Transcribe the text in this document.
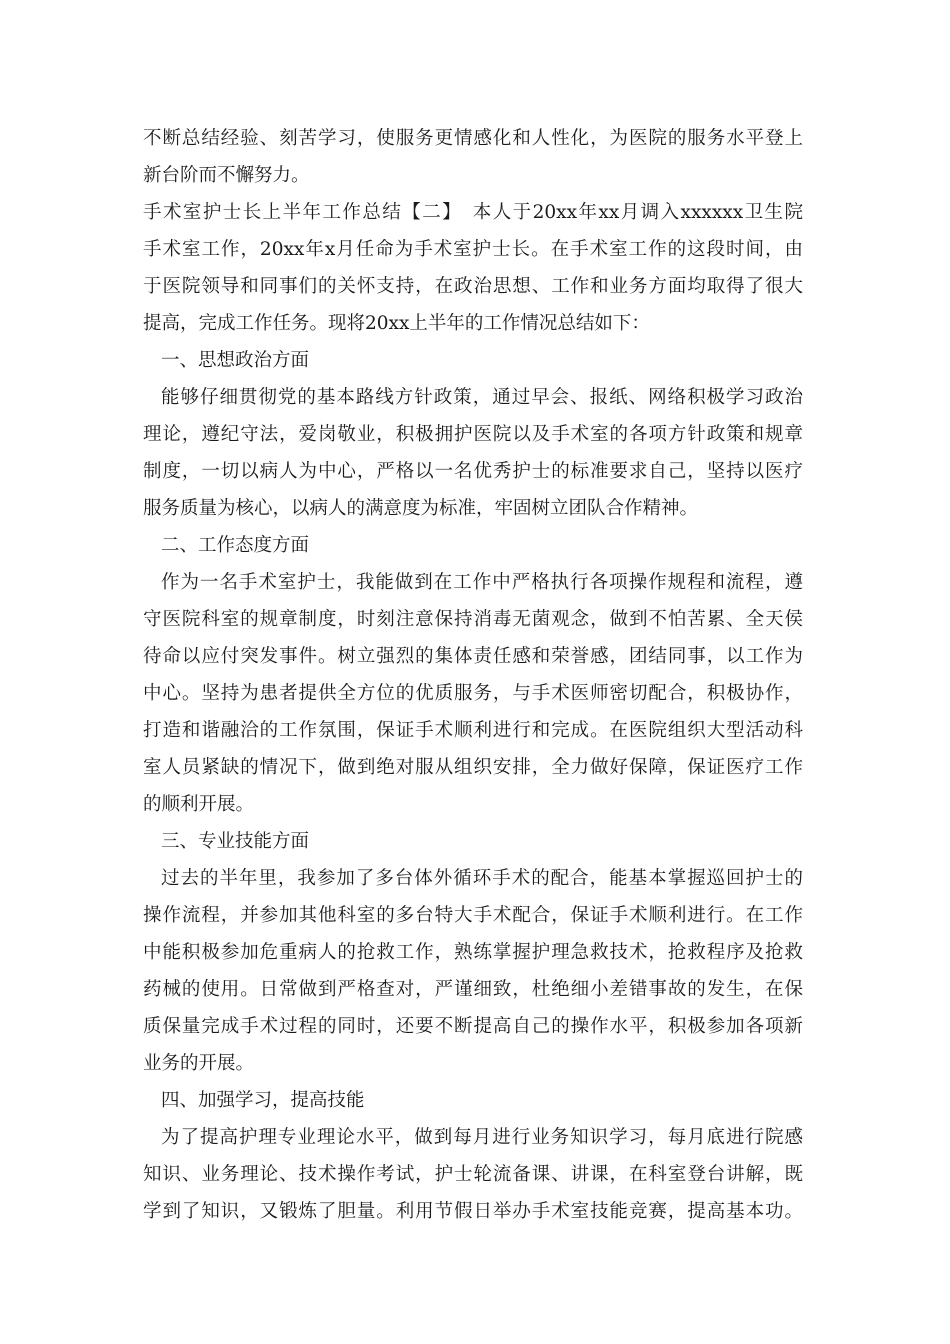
不断总结经验、刻苦学习，使服务更情感化和人性化，为医院的服务水平登上
新台阶而不懈努力。
手术室护士长上半年工作总结【二】　本人于20xx年xx月调入xxxxxx卫生院
手术室工作，20xx年x月任命为手术室护士长。在手术室工作的这段时间，由
于医院领导和同事们的关怀支持，在政治思想、工作和业务方面均取得了很大
提高，完成工作任务。现将20xx上半年的工作情况总结如下：
一、思想政治方面
能够仔细贯彻党的基本路线方针政策，通过早会、报纸、网络积极学习政治
理论，遵纪守法，爱岗敬业，积极拥护医院以及手术室的各项方针政策和规章
制度，一切以病人为中心，严格以一名优秀护士的标准要求自己，坚持以医疗
服务质量为核心，以病人的满意度为标准，牢固树立团队合作精神。
二、工作态度方面
作为一名手术室护士，我能做到在工作中严格执行各项操作规程和流程，遵
守医院科室的规章制度，时刻注意保持消毒无菌观念，做到不怕苦累、全天侯
待命以应付突发事件。树立强烈的集体责任感和荣誉感，团结同事，以工作为
中心。坚持为患者提供全方位的优质服务，与手术医师密切配合，积极协作，
打造和谐融洽的工作氛围，保证手术顺利进行和完成。在医院组织大型活动科
室人员紧缺的情况下，做到绝对服从组织安排，全力做好保障，保证医疗工作
的顺利开展。
三、专业技能方面
过去的半年里，我参加了多台体外循环手术的配合，能基本掌握巡回护士的
操作流程，并参加其他科室的多台特大手术配合，保证手术顺利进行。在工作
中能积极参加危重病人的抢救工作，熟练掌握护理急救技术，抢救程序及抢救
药械的使用。日常做到严格查对，严谨细致，杜绝细小差错事故的发生，在保
质保量完成手术过程的同时，还要不断提高自己的操作水平，积极参加各项新
业务的开展。
四、加强学习，提高技能
为了提高护理专业理论水平，做到每月进行业务知识学习，每月底进行院感
知识、业务理论、技术操作考试，护士轮流备课、讲课，在科室登台讲解，既
学到了知识，又锻炼了胆量。利用节假日举办手术室技能竞赛，提高基本功。
